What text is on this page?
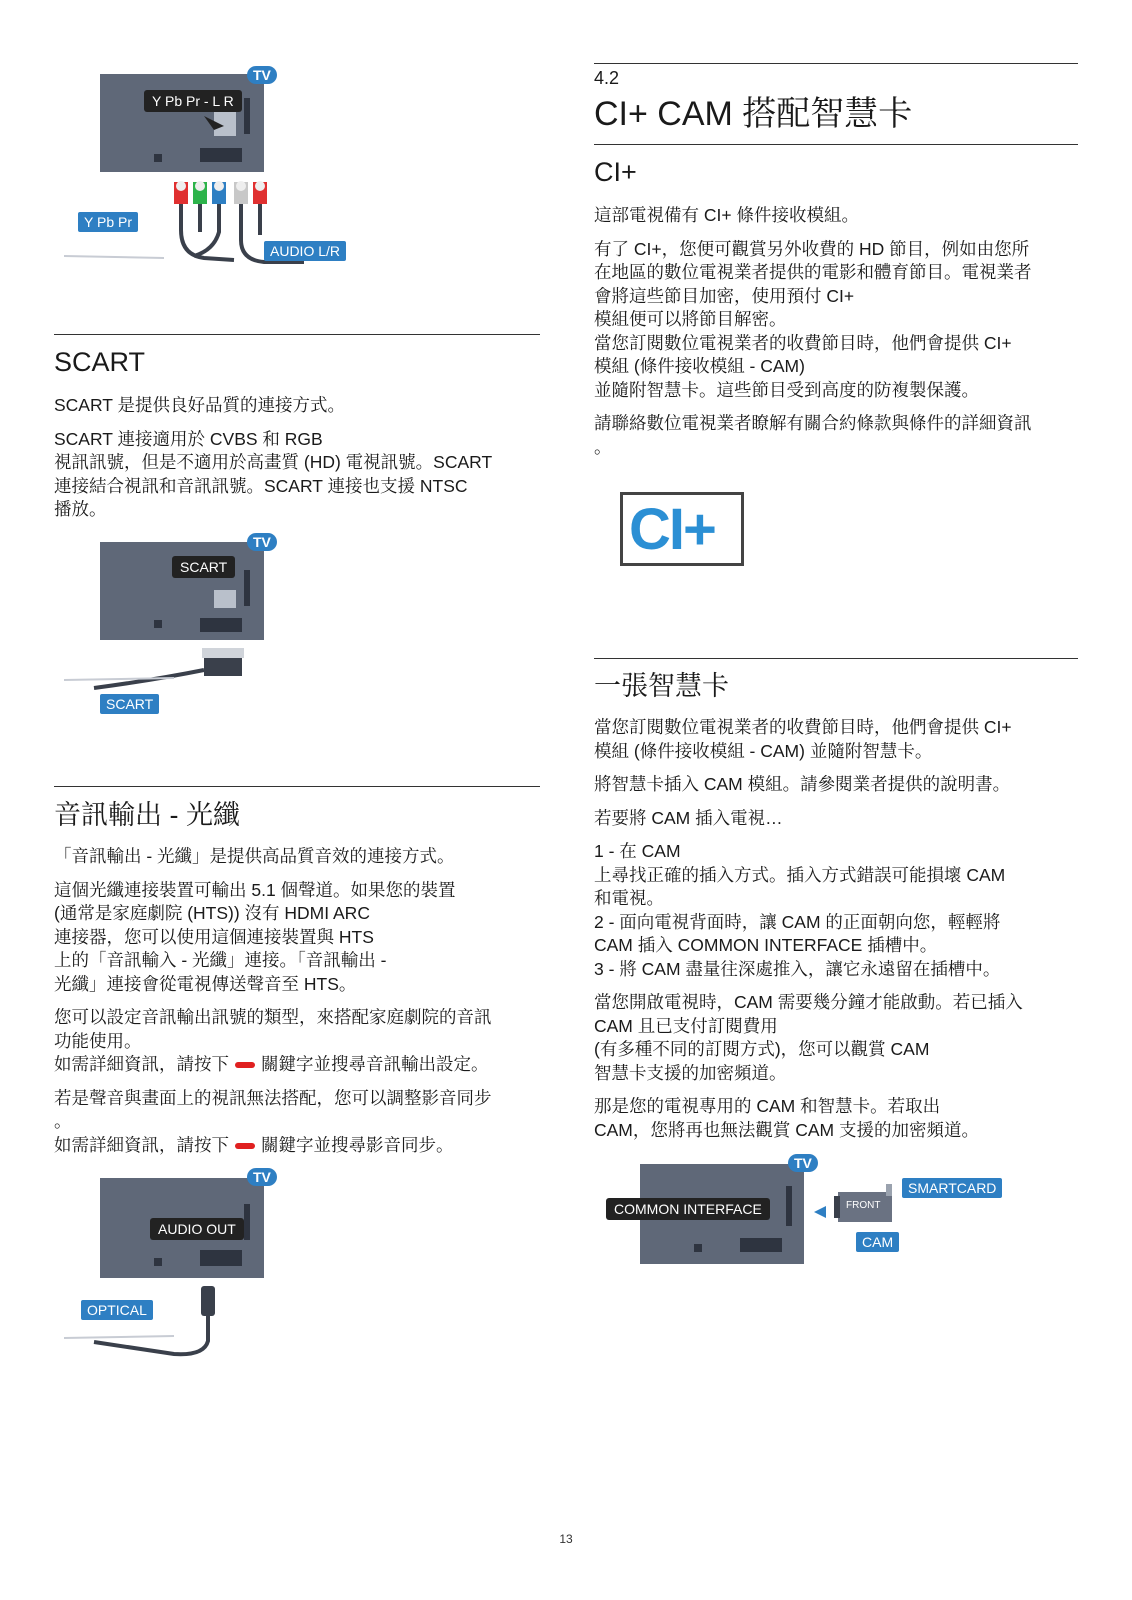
TV
Y Pb Pr - L R
Y Pb Pr
AUDIO L/R
SCART

SCART 是提供良好品質的連接方式。

SCART 連接適用於 CVBS 和 RGB

視訊訊號，但是不適用於高畫質 (HD) 電視訊號。SCART

連接結合視訊和音訊訊號。SCART 連接也支援 NTSC

播放。

TV
SCART
SCART
音訊輸出 - 光纖

「音訊輸出 - 光纖」是提供高品質音效的連接方式。

這個光纖連接裝置可輸出 5.1 個聲道。如果您的裝置

(通常是家庭劇院 (HTS)) 沒有 HDMI ARC

連接器，您可以使用這個連接裝置與 HTS

上的「音訊輸入 - 光纖」連接。「音訊輸出 -

光纖」連接會從電視傳送聲音至 HTS。

您可以設定音訊輸出訊號的類型，來搭配家庭劇院的音訊

功能使用。

如需詳細資訊，請按下 關鍵字並搜尋音訊輸出設定。

若是聲音與畫面上的視訊無法搭配，您可以調整影音同步

。

如需詳細資訊，請按下 關鍵字並搜尋影音同步。

TV
AUDIO OUT
OPTICAL
4.2
CI+ CAM 搭配智慧卡
CI+

這部電視備有 CI+ 條件接收模組。

有了 CI+，您便可觀賞另外收費的 HD 節目，例如由您所

在地區的數位電視業者提供的電影和體育節目。電視業者

會將這些節目加密，使用預付 CI+

模組便可以將節目解密。

當您訂閱數位電視業者的收費節目時，他們會提供 CI+

模組 (條件接收模組 - CAM)

並隨附智慧卡。這些節目受到高度的防複製保護。

請聯絡數位電視業者瞭解有關合約條款與條件的詳細資訊

。

CI+
一張智慧卡

當您訂閱數位電視業者的收費節目時，他們會提供 CI+

模組 (條件接收模組 - CAM) 並隨附智慧卡。

將智慧卡插入 CAM 模組。請參閱業者提供的說明書。

若要將 CAM 插入電視…

1 - 在 CAM

上尋找正確的插入方式。插入方式錯誤可能損壞 CAM

和電視。

2 - 面向電視背面時，讓 CAM 的正面朝向您，輕輕將

CAM 插入 COMMON INTERFACE 插槽中。

3 - 將 CAM 盡量往深處推入，讓它永遠留在插槽中。

當您開啟電視時，CAM 需要幾分鐘才能啟動。若已插入

CAM 且已支付訂閱費用

(有多種不同的訂閱方式)，您可以觀賞 CAM

智慧卡支援的加密頻道。

那是您的電視專用的 CAM 和智慧卡。若取出

CAM，您將再也無法觀賞 CAM 支援的加密頻道。

TV
COMMON INTERFACE	FRONT
SMARTCARD
CAM
13
